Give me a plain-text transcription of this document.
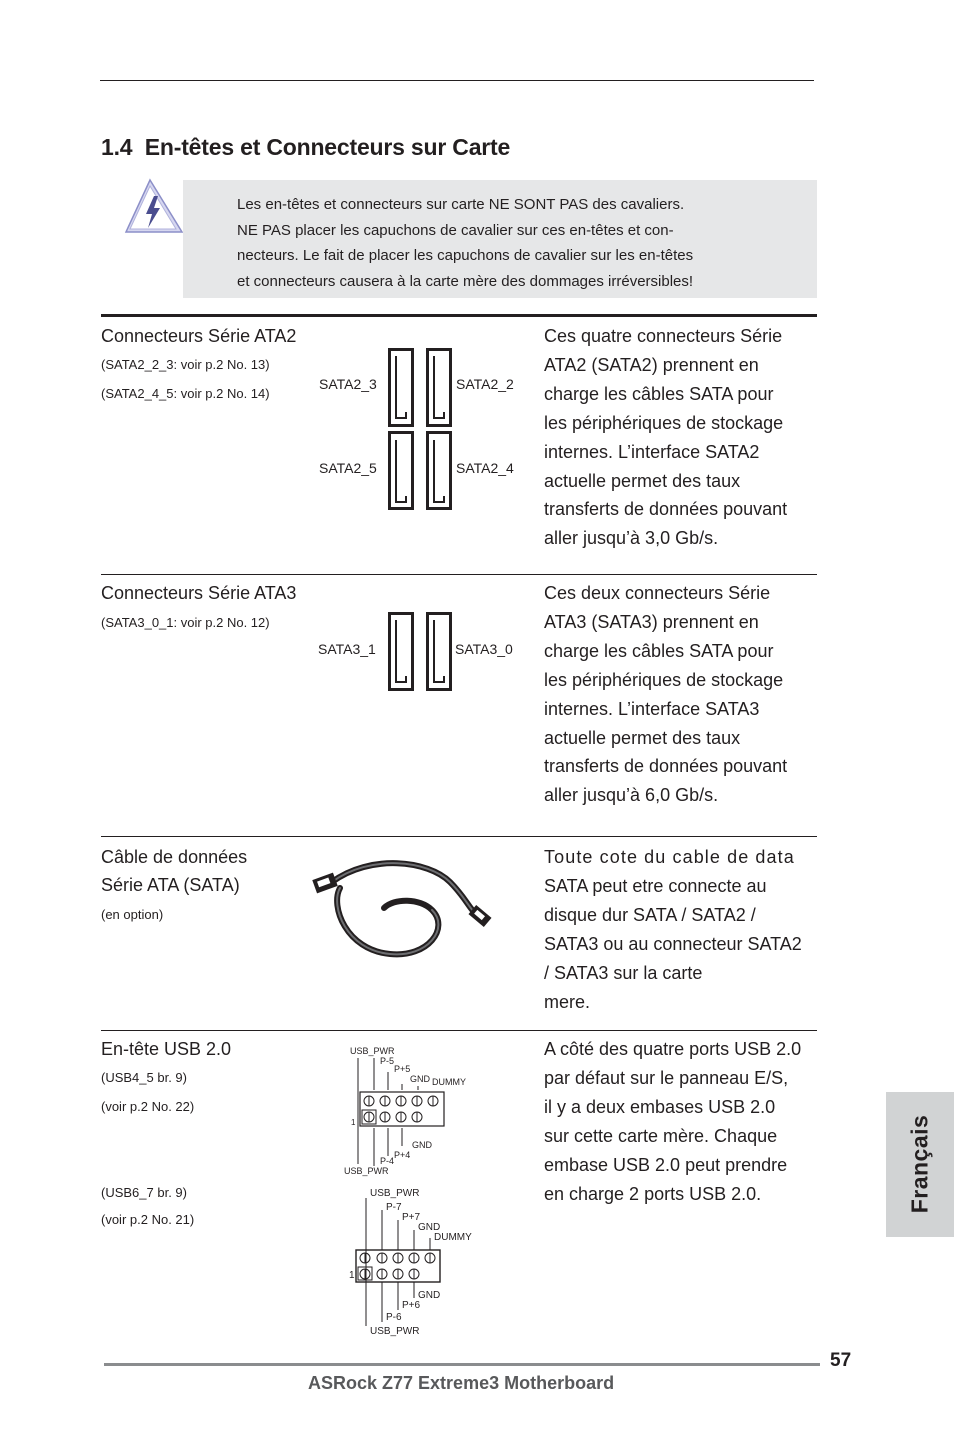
1.4 En-têtes et Connecteurs sur Carte
Les en-têtes et connecteurs sur carte NE SONT PAS des cavaliers.
NE PAS placer les capuchons de cavalier sur ces en-têtes et con-
necteurs. Le fait de placer les capuchons de cavalier sur les en-têtes
et connecteurs causera à la carte mère des dommages irréversibles!
Connecteurs Série ATA2
(SATA2_2_3: voir p.2 No. 13)
(SATA2_4_5: voir p.2 No. 14)
SATA2_3	SATA2_2
SATA2_5	SATA2_4
Ces quatre connecteurs Série
ATA2 (SATA2) prennent en
charge les câbles SATA pour
les périphériques de stockage
internes. L’interface SATA2
actuelle permet des taux
transferts de données pouvant
aller jusqu’à 3,0 Gb/s.
Connecteurs Série ATA3
(SATA3_0_1: voir p.2 No. 12)
SATA3_1	SATA3_0
Ces deux connecteurs Série
ATA3 (SATA3) prennent en
charge les câbles SATA pour
les périphériques de stockage
internes. L’interface SATA3
actuelle permet des taux
transferts de données pouvant
aller jusqu’à 6,0 Gb/s.
Câble de données
Série ATA (SATA)
(en option)
Toute cote du cable de data
SATA peut etre connecte au
disque dur SATA / SATA2 /
SATA3 ou au connecteur SATA2
/ SATA3 sur la carte
mere.
En-tête USB 2.0
(USB4_5 br. 9)
(voir p.2 No. 22)
(USB6_7 br. 9)
(voir p.2 No. 21)
USB_PWR
P-5
P+5
GND DUMMY
1
GND
P+4
P-4
USB_PWR
USB_PWR
P-7
P+7
GND
DUMMY
1
GND
P+6
P-6
USB_PWR
A côté des quatre ports USB 2.0
par défaut sur le panneau E/S,
il y a deux embases USB 2.0
sur cette carte mère. Chaque
embase USB 2.0 peut prendre
en charge 2 ports USB 2.0.	Français
57
ASRock Z77 Extreme3 Motherboard
